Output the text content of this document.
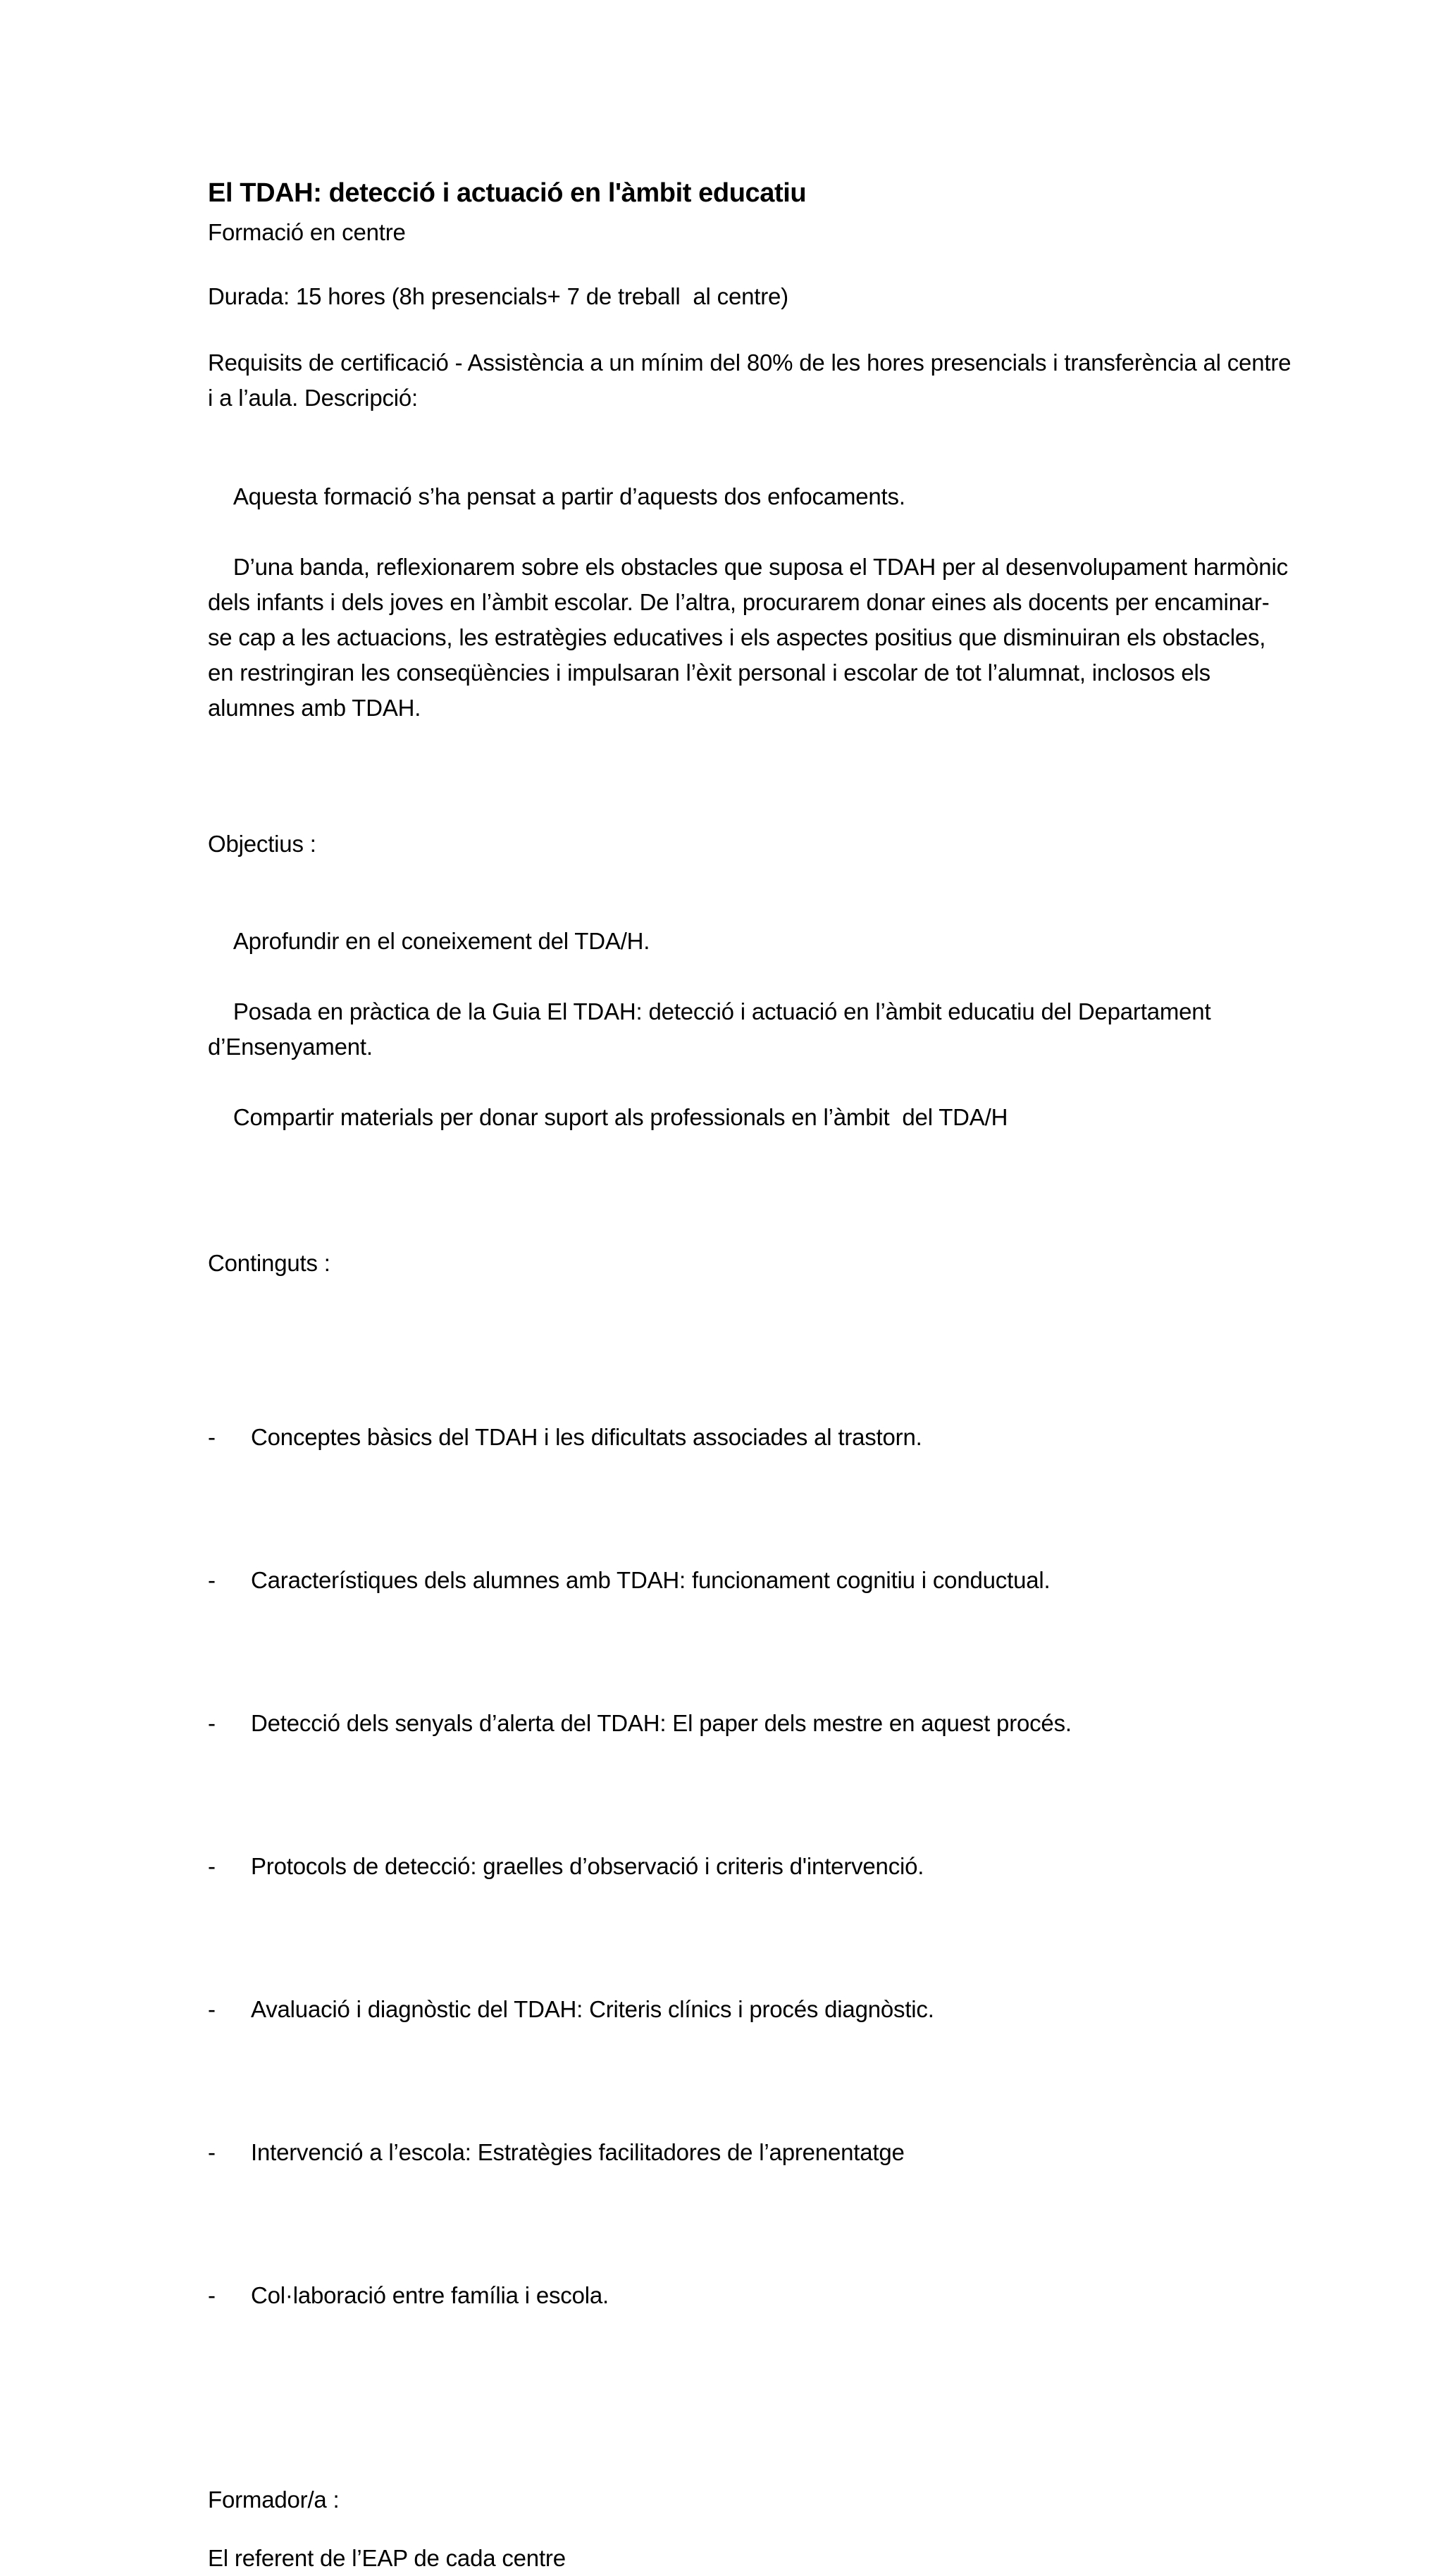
El TDAH: detecció i actuació en l'àmbit educatiu
Formació en centre
Durada: 15 hores (8h presencials+ 7 de treball  al centre)
Requisits de certificació - Assistència a un mínim del 80% de les hores presencials i transferència al centre i a l’aula. Descripció:

Aquesta formació s’ha pensat a partir d’aquests dos enfocaments.

D’una banda, reflexionarem sobre els obstacles que suposa el TDAH per al desenvolupament harmònic dels infants i dels joves en l’àmbit escolar. De l’altra, procurarem donar eines als docents per encaminar-se cap a les actuacions, les estratègies educatives i els aspectes positius que disminuiran els obstacles, en restringiran les conseqüències i impulsaran l’èxit personal i escolar de tot l’alumnat, inclosos els alumnes amb TDAH.

Objectius :

Aprofundir en el coneixement del TDA/H.

Posada en pràctica de la Guia El TDAH: detecció i actuació en l’àmbit educatiu del Departament d’Ensenyament.

Compartir materials per donar suport als professionals en l’àmbit  del TDA/H

Continguts :

-	Conceptes bàsics del TDAH i les dificultats associades al trastorn.

-	Característiques dels alumnes amb TDAH: funcionament cognitiu i conductual.

-	Detecció dels senyals d’alerta del TDAH: El paper dels mestre en aquest procés.

-	Protocols de detecció: graelles d’observació i criteris d'intervenció.

-	Avaluació i diagnòstic del TDAH: Criteris clínics i procés diagnòstic.

-	Intervenció a l’escola: Estratègies facilitadores de l’aprenentatge

-	Col·laboració entre família i escola.

Formador/a :
El referent de l’EAP de cada centre
